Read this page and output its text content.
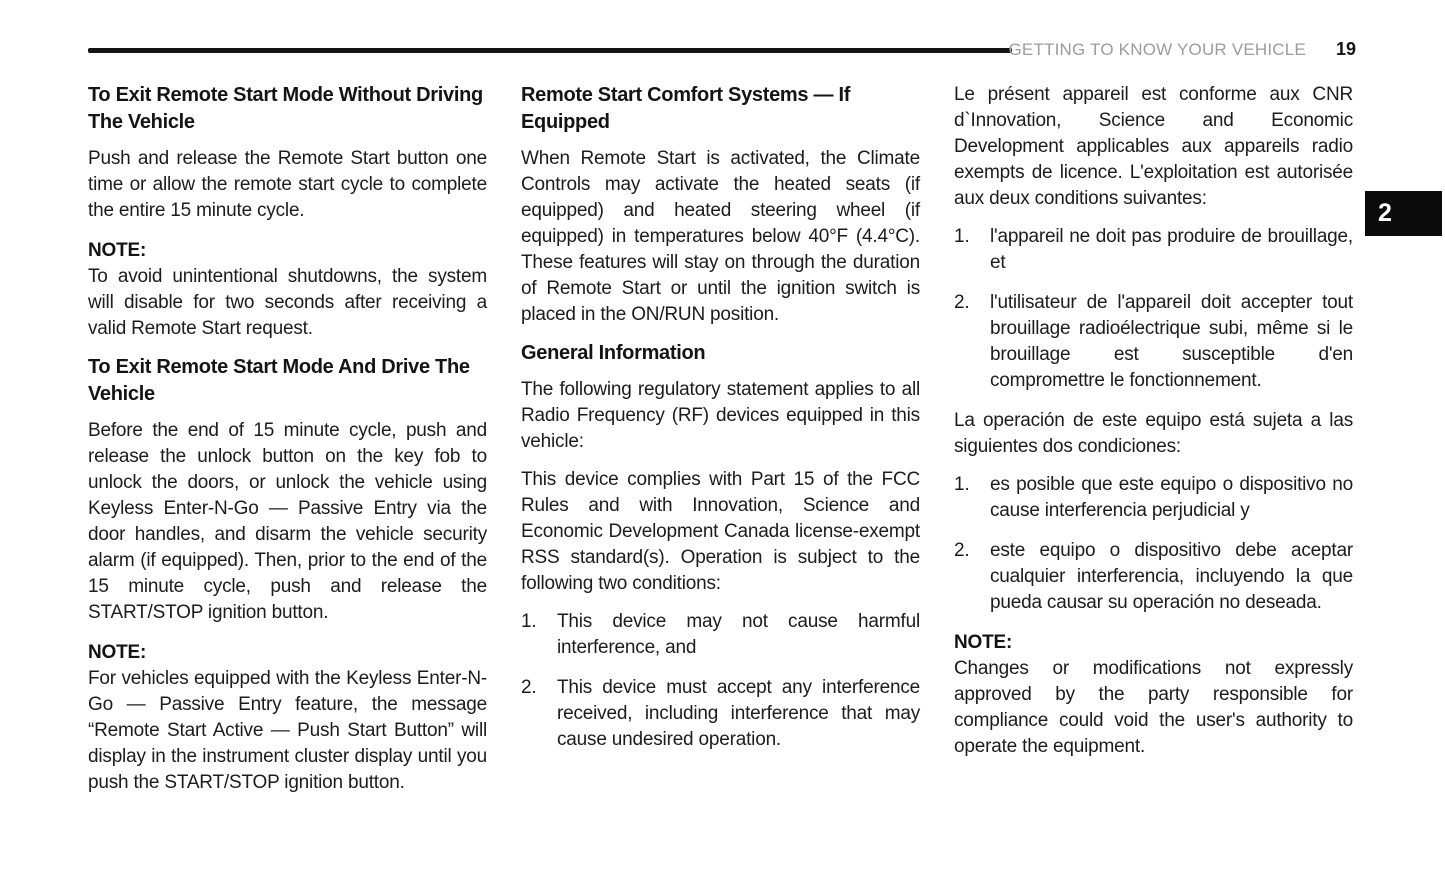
GETTING TO KNOW YOUR VEHICLE 19
2
To Exit Remote Start Mode Without Driving The Vehicle

Push and release the Remote Start button one time or allow the remote start cycle to complete the entire 15 minute cycle.

NOTE:

To avoid unintentional shutdowns, the system will disable for two seconds after receiving a valid Remote Start request.

To Exit Remote Start Mode And Drive The Vehicle

Before the end of 15 minute cycle, push and release the unlock button on the key fob to unlock the doors, or unlock the vehicle using Keyless Enter-N-Go — Passive Entry via the door handles, and disarm the vehicle security alarm (if equipped). Then, prior to the end of the 15 minute cycle, push and release the START/STOP ignition button.

NOTE:

For vehicles equipped with the Keyless Enter-N-Go — Passive Entry feature, the message “Remote Start Active — Push Start Button” will display in the instrument cluster display until you push the START/STOP ignition button.

Remote Start Comfort Systems — If Equipped

When Remote Start is activated, the Climate Controls may activate the heated seats (if equipped) and heated steering wheel (if equipped) in temperatures below 40°F (4.4°C). These features will stay on through the duration of Remote Start or until the ignition switch is placed in the ON/RUN position.

General Information

The following regulatory statement applies to all Radio Frequency (RF) devices equipped in this vehicle:

This device complies with Part 15 of the FCC Rules and with Innovation, Science and Economic Development Canada license-exempt RSS standard(s). Operation is subject to the following two conditions:

1.	This device may not cause harmful interference, and
2.	This device must accept any interference received, including interference that may cause undesired operation.

Le présent appareil est conforme aux CNR d`Innovation, Science and Economic Development applicables aux appareils radio exempts de licence. L'exploitation est autorisée aux deux conditions suivantes:

1.	l'appareil ne doit pas produire de brouillage, et
2.	l'utilisateur de l'appareil doit accepter tout brouillage radioélectrique subi, même si le brouillage est susceptible d'en compromettre le fonctionnement.

La operación de este equipo está sujeta a las siguientes dos condiciones:

1.	es posible que este equipo o dispositivo no cause interferencia perjudicial y
2.	este equipo o dispositivo debe aceptar cualquier interferencia, incluyendo la que pueda causar su operación no deseada.

NOTE:

Changes or modifications not expressly approved by the party responsible for compliance could void the user's authority to operate the equipment.
